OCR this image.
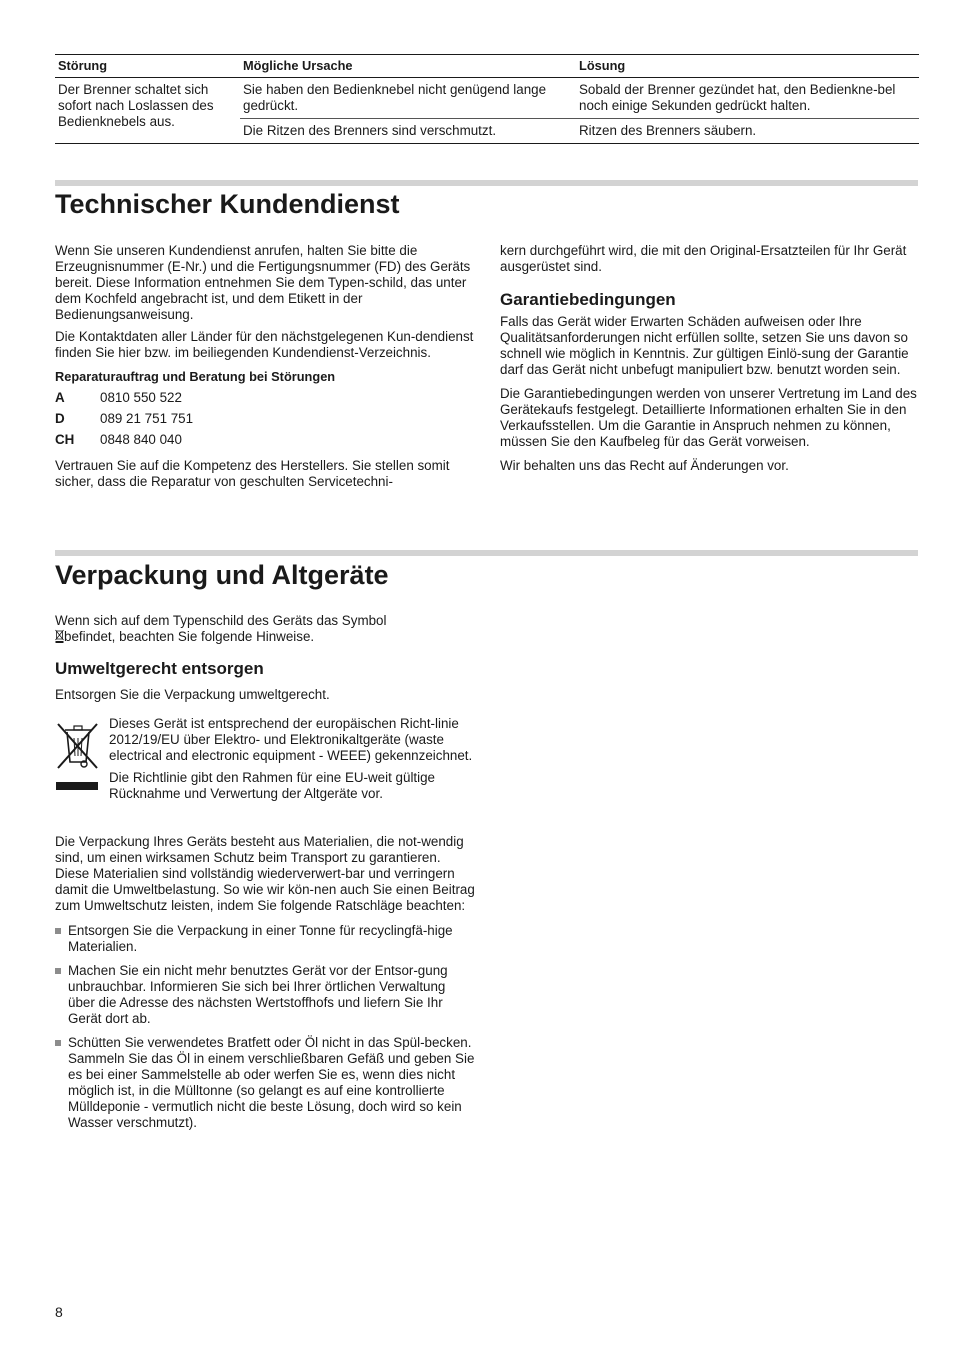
Störung	Mögliche Ursache	Lösung
Der Brenner schaltet sich sofort nach Loslassen des Bedienknebels aus.	Sie haben den Bedienknebel nicht genügend lange gedrückt.	Sobald der Brenner gezündet hat, den Bedienkne-bel noch einige Sekunden gedrückt halten.
	Die Ritzen des Brenners sind verschmutzt.	Ritzen des Brenners säubern.
Technischer Kundendienst

Wenn Sie unseren Kundendienst anrufen, halten Sie bitte die Erzeugnisnummer (E-Nr.) und die Fertigungsnummer (FD) des Geräts bereit. Diese Information entnehmen Sie dem Typen-schild, das unter dem Kochfeld angebracht ist, und dem Etikett in der Bedienungsanweisung.

Die Kontaktdaten aller Länder für den nächstgelegenen Kun-dendienst finden Sie hier bzw. im beiliegenden Kundendienst-Verzeichnis.

Reparaturauftrag und Beratung bei Störungen
A	0810 550 522
D	089 21 751 751
CH	0848 840 040

Vertrauen Sie auf die Kompetenz des Herstellers. Sie stellen somit sicher, dass die Reparatur von geschulten Servicetechni-

kern durchgeführt wird, die mit den Original-Ersatzteilen für Ihr Gerät ausgerüstet sind.

Garantiebedingungen

Falls das Gerät wider Erwarten Schäden aufweisen oder Ihre Qualitätsanforderungen nicht erfüllen sollte, setzen Sie uns davon so schnell wie möglich in Kenntnis. Zur gültigen Einlö-sung der Garantie darf das Gerät nicht unbefugt manipuliert bzw. benutzt worden sein.

Die Garantiebedingungen werden von unserer Vertretung im Land des Gerätekaufs festgelegt. Detaillierte Informationen erhalten Sie in den Verkaufsstellen. Um die Garantie in Anspruch nehmen zu können, müssen Sie den Kaufbeleg für das Gerät vorweisen.

Wir behalten uns das Recht auf Änderungen vor.

Verpackung und Altgeräte

Wenn sich auf dem Typenschild des Geräts das Symbol
befindet, beachten Sie folgende Hinweise.

Umweltgerecht entsorgen

Entsorgen Sie die Verpackung umweltgerecht.

Dieses Gerät ist entsprechend der europäischen Richt-linie 2012/19/EU über Elektro- und Elektronikaltgeräte (waste electrical and electronic equipment - WEEE) gekennzeichnet.

Die Richtlinie gibt den Rahmen für eine EU-weit gültige Rücknahme und Verwertung der Altgeräte vor.

Die Verpackung Ihres Geräts besteht aus Materialien, die not-wendig sind, um einen wirksamen Schutz beim Transport zu garantieren. Diese Materialien sind vollständig wiederverwert-bar und verringern damit die Umweltbelastung. So wie wir kön-nen auch Sie einen Beitrag zum Umweltschutz leisten, indem Sie folgende Ratschläge beachten:

Entsorgen Sie die Verpackung in einer Tonne für recyclingfä-hige Materialien.
Machen Sie ein nicht mehr benutztes Gerät vor der Entsor-gung unbrauchbar. Informieren Sie sich bei Ihrer örtlichen Verwaltung über die Adresse des nächsten Wertstoffhofs und liefern Sie Ihr Gerät dort ab.
Schütten Sie verwendetes Bratfett oder Öl nicht in das Spül-becken. Sammeln Sie das Öl in einem verschließbaren Gefäß und geben Sie es bei einer Sammelstelle ab oder werfen Sie es, wenn dies nicht möglich ist, in die Mülltonne (so gelangt es auf eine kontrollierte Mülldeponie - vermutlich nicht die beste Lösung, doch wird so kein Wasser verschmutzt).
8
